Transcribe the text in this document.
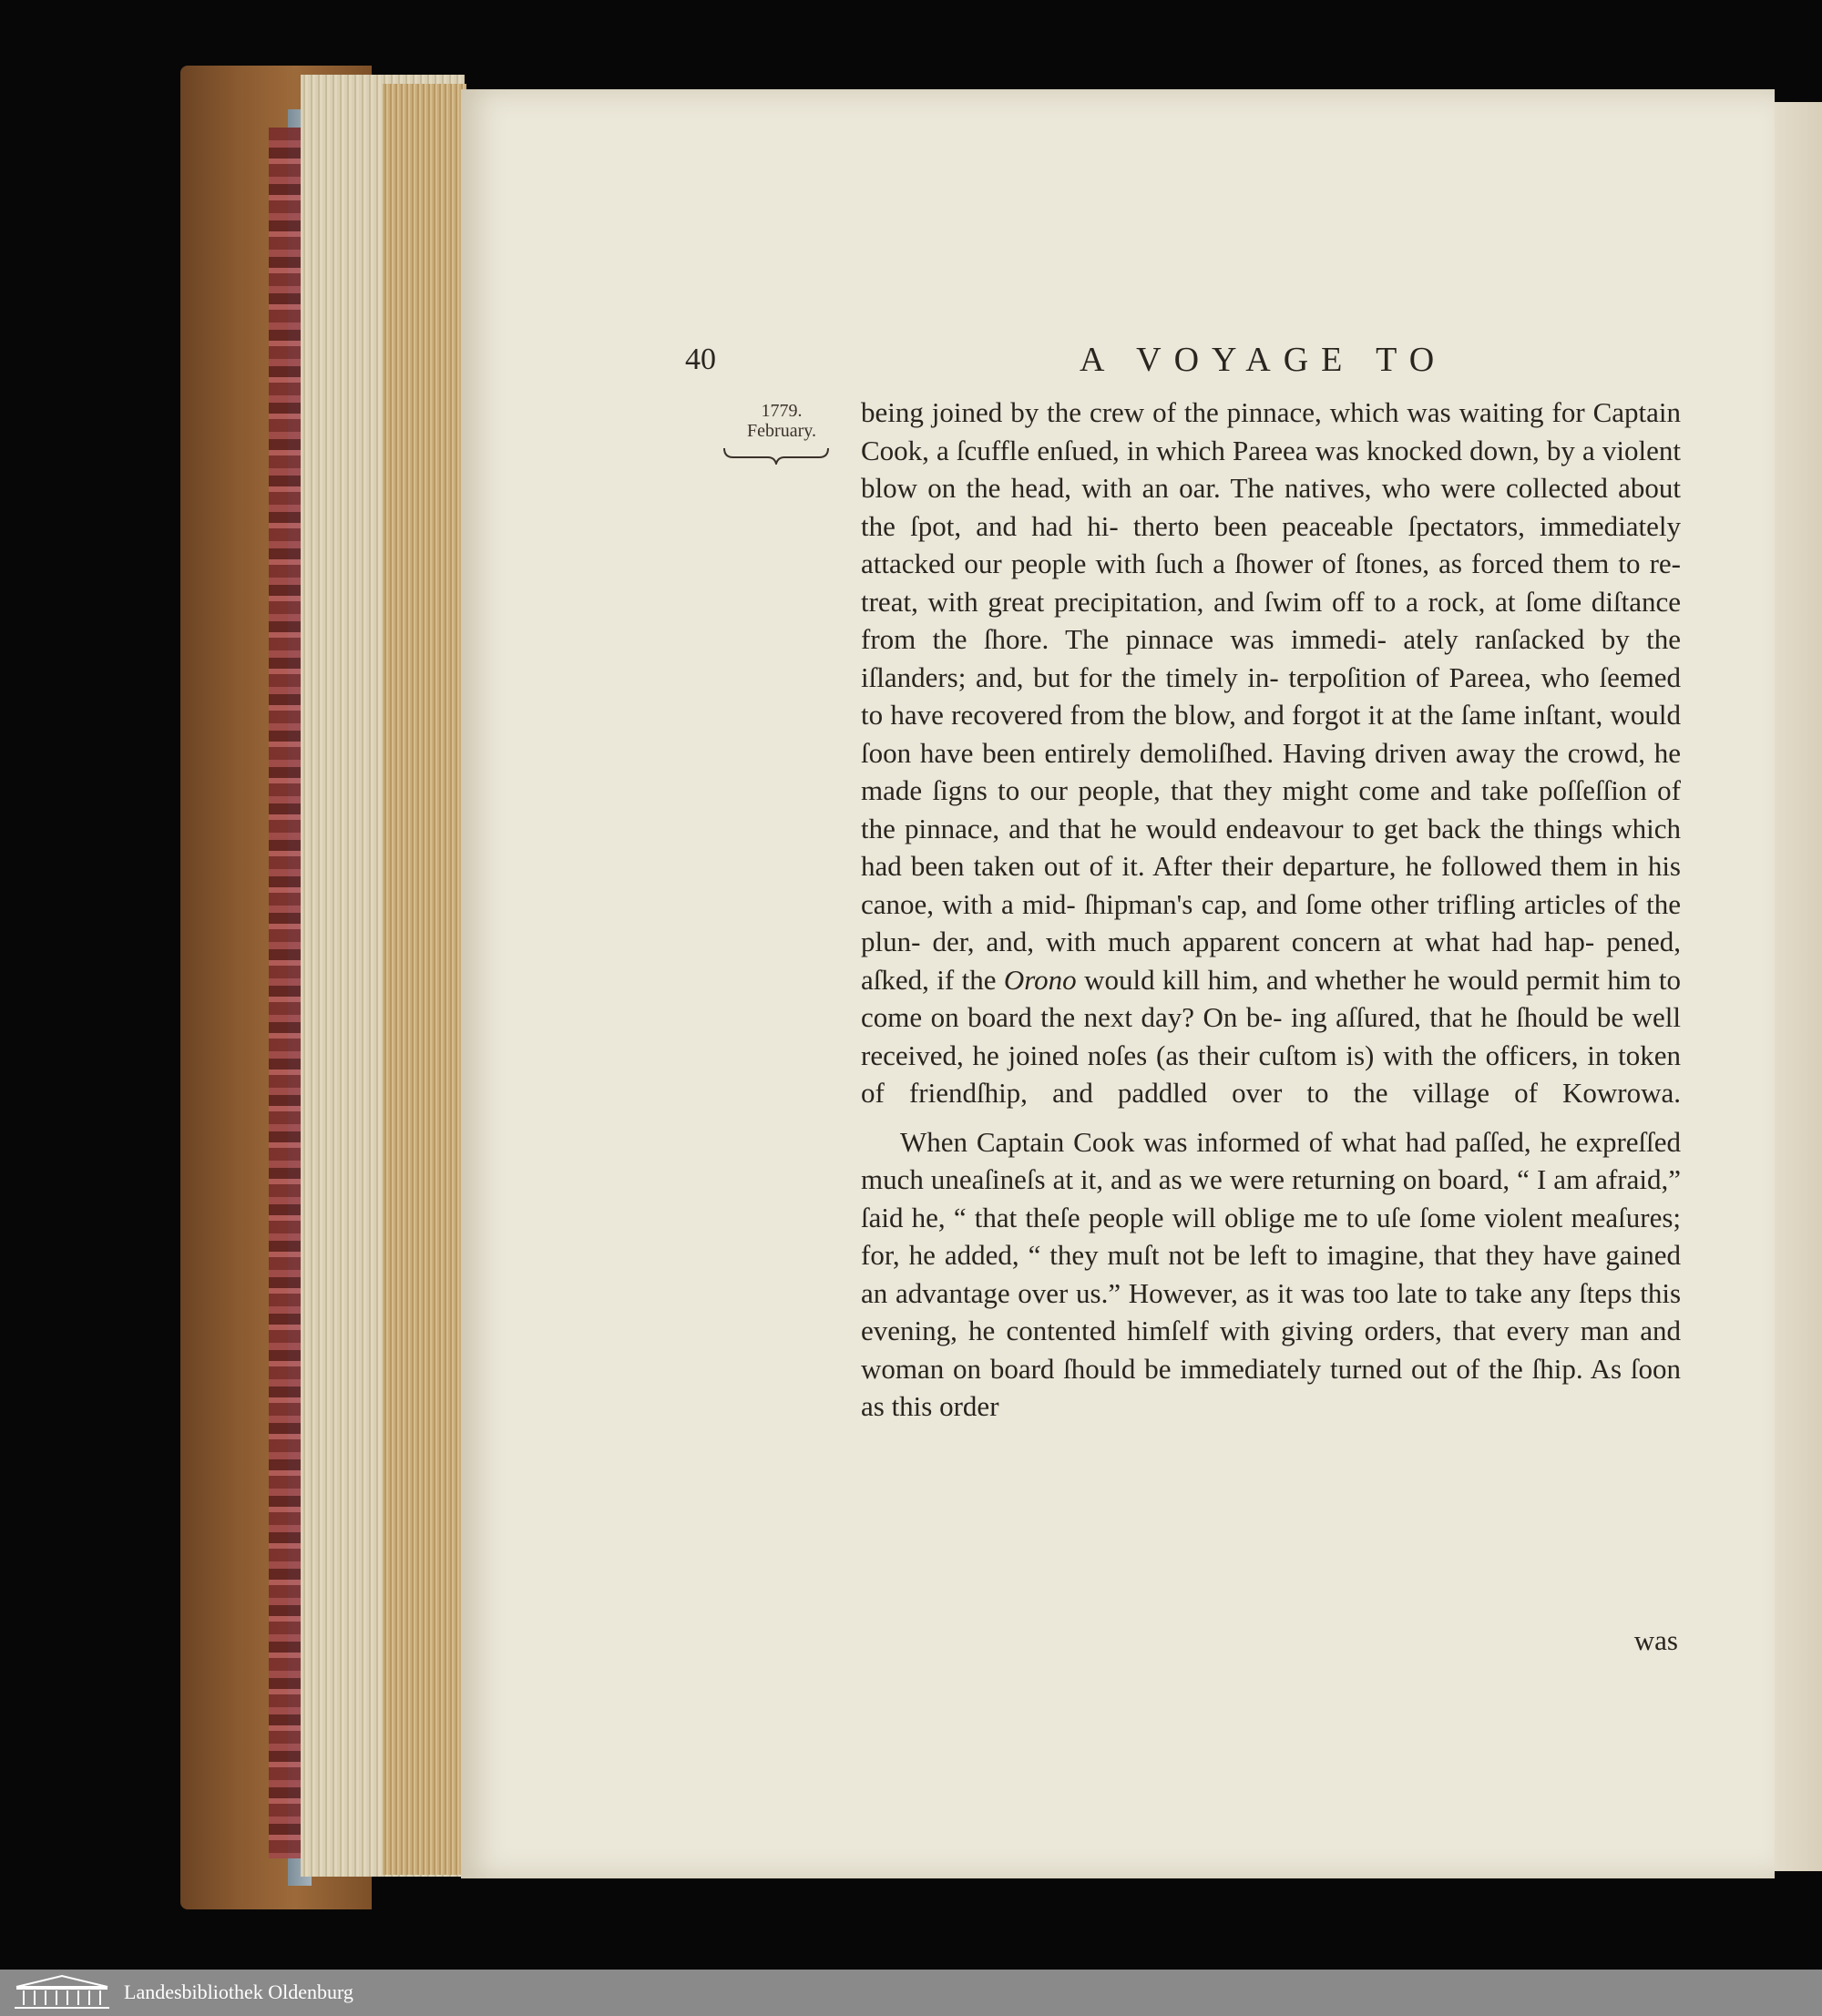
40	A VOYAGE TO
1779.
February.

being joined by the crew of the pinnace, which was waiting for Captain Cook, a ſcuffle enſued, in which Pareea was knocked down, by a violent blow on the head, with an oar. The natives, who were collected about the ſpot, and had hi- therto been peaceable ſpectators, immediately attacked our people with ſuch a ſhower of ſtones, as forced them to re- treat, with great precipitation, and ſwim off to a rock, at ſome diſtance from the ſhore. The pinnace was immedi- ately ranſacked by the iſlanders; and, but for the timely in- terpoſition of Pareea, who ſeemed to have recovered from the blow, and forgot it at the ſame inſtant, would ſoon have been entirely demoliſhed. Having driven away the crowd, he made ſigns to our people, that they might come and take poſſeſſion of the pinnace, and that he would endeavour to get back the things which had been taken out of it. After their departure, he followed them in his canoe, with a mid- ſhipman's cap, and ſome other trifling articles of the plun- der, and, with much apparent concern at what had hap- pened, aſked, if the Orono would kill him, and whether he would permit him to come on board the next day? On be- ing aſſured, that he ſhould be well received, he joined noſes (as their cuſtom is) with the officers, in token of friendſhip, and paddled over to the village of Kowrowa.

When Captain Cook was informed of what had paſſed, he expreſſed much uneaſineſs at it, and as we were returning on board, “ I am afraid,” ſaid he, “ that theſe people will oblige me to uſe ſome violent meaſures; for, he added, “ they muſt not be left to imagine, that they have gained an advantage over us.” However, as it was too late to take any ſteps this evening, he contented himſelf with giving orders, that every man and woman on board ſhould be immediately turned out of the ſhip. As ſoon as this order

was
Landesbibliothek Oldenburg
